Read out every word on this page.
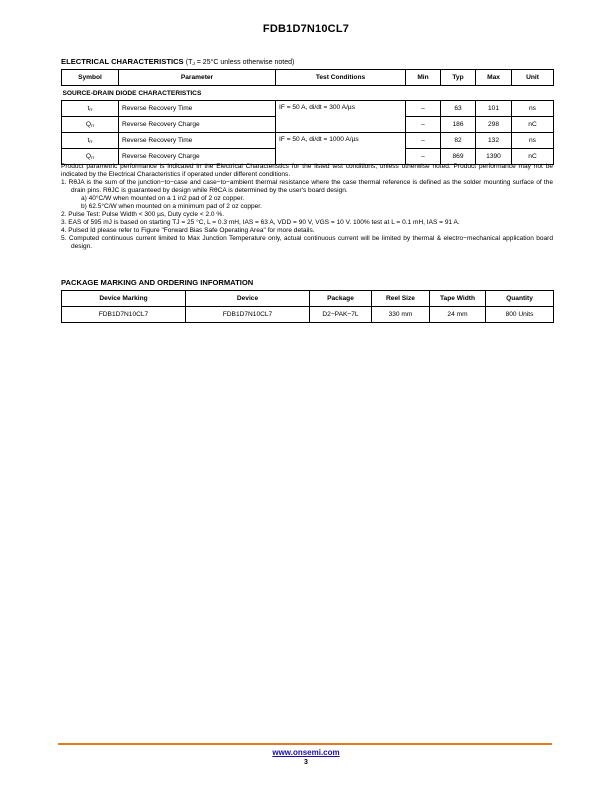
FDB1D7N10CL7
ELECTRICAL CHARACTERISTICS ($T_J = 25^\circ C$ unless otherwise noted)
Symbol	Parameter	Test Conditions	Min	Typ	Max	Unit
SOURCE-DRAIN DIODE CHARACTERISTICS						
$t_{rr}$	Reverse Recovery Time	IF = 50 A, di/dt = 300 A/µs	–	63	101	ns
$Q_{rr}$	Reverse Recovery Charge		–	186	298	nC
$t_{rr}$	Reverse Recovery Time	IF = 50 A, di/dt = 1000 A/µs	–	82	132	ns
$Q_{rr}$	Reverse Recovery Charge		–	869	1390	nC

Product parametric performance is indicated in the Electrical Characteristics for the listed test conditions, unless otherwise noted. Product performance may not be indicated by the Electrical Characteristics if operated under different conditions.

1. RθJA is the sum of the junction−to−case and case−to−ambient thermal resistance where the case thermal reference is defined as the solder mounting surface of the drain pins. RθJC is guaranteed by design while RθCA is determined by the user's board design.

a) 40°C/W when mounted on a 1 in2 pad of 2 oz copper.

b) 62.5°C/W when mounted on a minimum pad of 2 oz copper.

2. Pulse Test: Pulse Width < 300 µs, Duty cycle < 2.0 %.

3. EAS of 595 mJ is based on starting TJ = 25 °C, L = 0.3 mH, IAS = 63 A, VDD = 90 V, VGS = 10 V. 100% test at L = 0.1 mH, IAS = 91 A.

4. Pulsed Id please refer to Figure "Forward Bias Safe Operating Area" for more details.

5. Computed continuous current limited to Max Junction Temperature only, actual continuous current will be limited by thermal & electro−mechanical application board design.

PACKAGE MARKING AND ORDERING INFORMATION
Device Marking	Device	Package	Reel Size	Tape Width	Quantity
FDB1D7N10CL7	FDB1D7N10CL7	D2−PAK−7L	330 mm	24 mm	800 Units
www.onsemi.com
3
